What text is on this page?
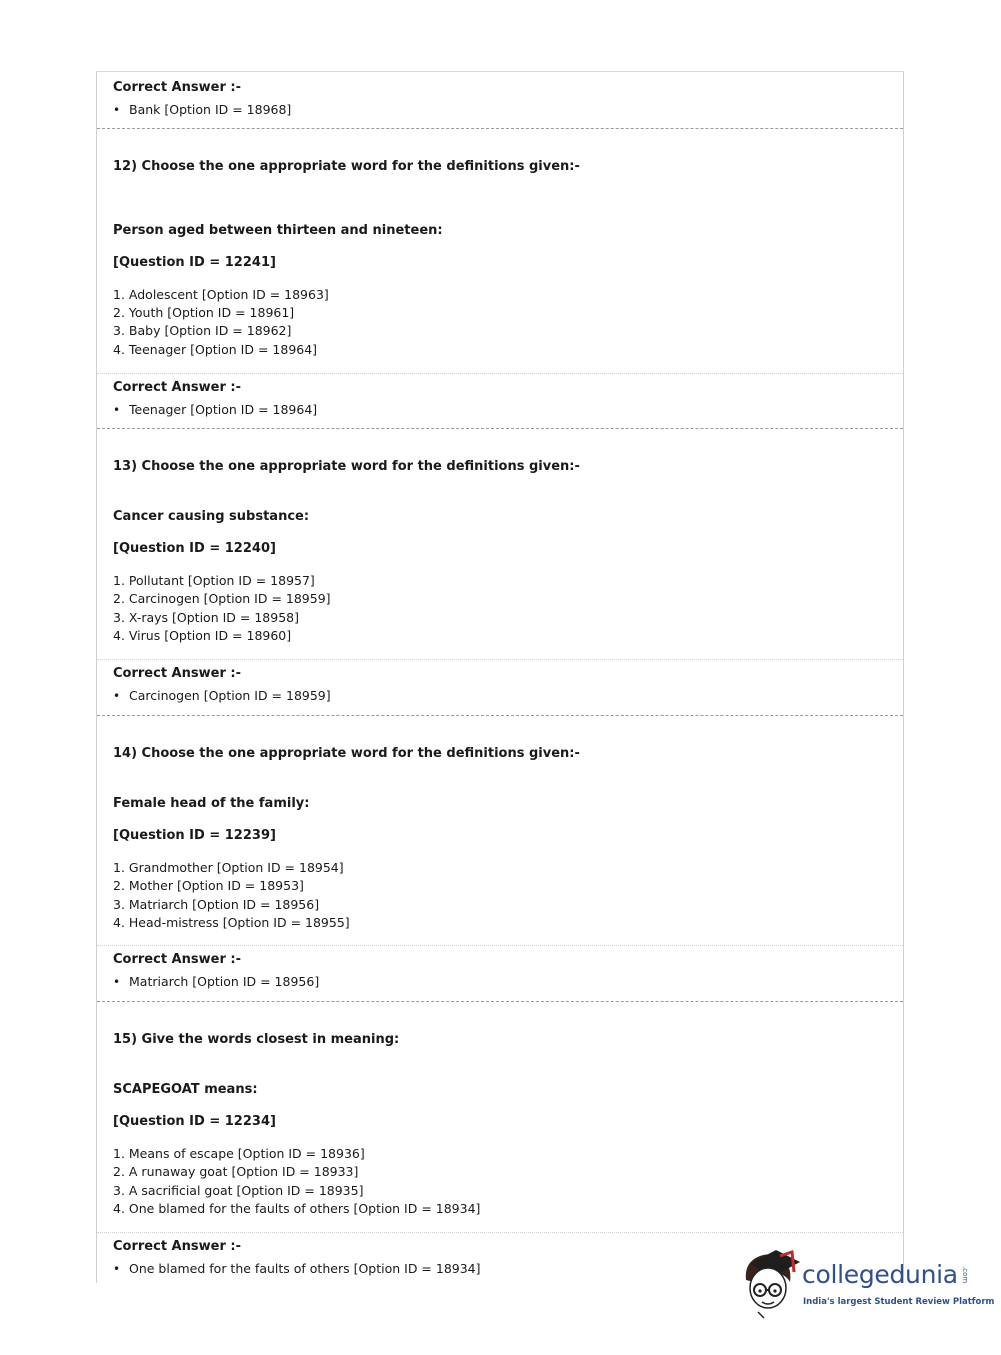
Correct Answer :-
• Bank [Option ID = 18968]
12) Choose the one appropriate word for the definitions given:-
Person aged between thirteen and nineteen:
[Question ID = 12241]
1. Adolescent [Option ID = 18963]
2. Youth [Option ID = 18961]
3. Baby [Option ID = 18962]
4. Teenager [Option ID = 18964]
Correct Answer :-
• Teenager [Option ID = 18964]
13) Choose the one appropriate word for the definitions given:-
Cancer causing substance:
[Question ID = 12240]
1. Pollutant [Option ID = 18957]
2. Carcinogen [Option ID = 18959]
3. X-rays [Option ID = 18958]
4. Virus [Option ID = 18960]
Correct Answer :-
• Carcinogen [Option ID = 18959]
14) Choose the one appropriate word for the definitions given:-
Female head of the family:
[Question ID = 12239]
1. Grandmother [Option ID = 18954]
2. Mother [Option ID = 18953]
3. Matriarch [Option ID = 18956]
4. Head-mistress [Option ID = 18955]
Correct Answer :-
• Matriarch [Option ID = 18956]
15) Give the words closest in meaning:
SCAPEGOAT means:
[Question ID = 12234]
1. Means of escape [Option ID = 18936]
2. A runaway goat [Option ID = 18933]
3. A sacrificial goat [Option ID = 18935]
4. One blamed for the faults of others [Option ID = 18934]
Correct Answer :-
• One blamed for the faults of others [Option ID = 18934]	collegedunia .com
India's largest Student Review Platform
